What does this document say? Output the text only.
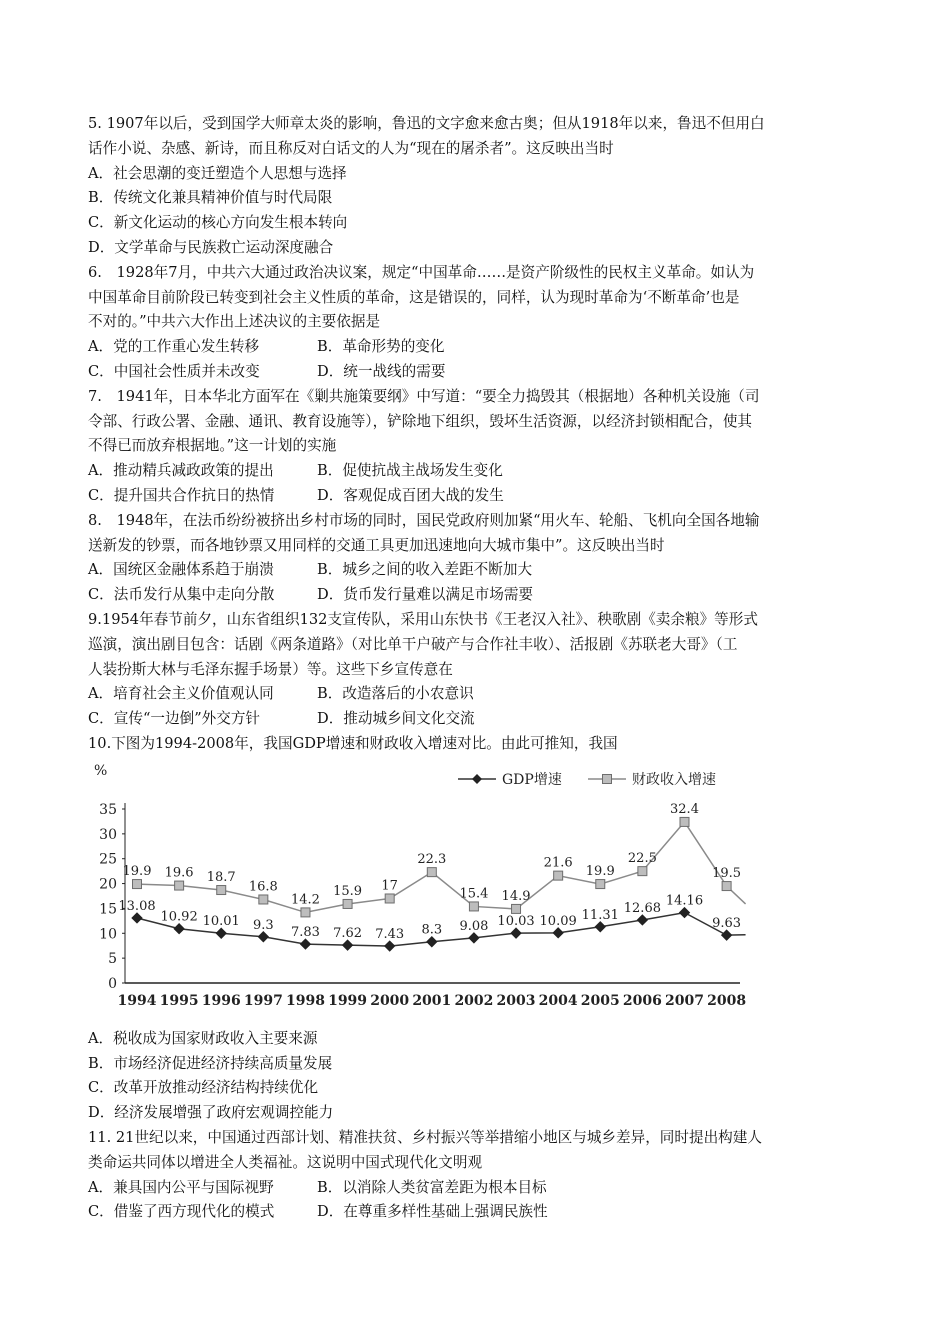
5. 1907年以后，受到国学大师章太炎的影响，鲁迅的文字愈来愈古奥；但从1918年以来，鲁迅不但用白

话作小说、杂感、新诗，而且称反对白话文的人为“现在的屠杀者”。这反映出当时

A．社会思潮的变迁塑造个人思想与选择

B．传统文化兼具精神价值与时代局限

C．新文化运动的核心方向发生根本转向

D．文学革命与民族救亡运动深度融合

6.　1928年7月，中共六大通过政治决议案，规定“中国革命……是资产阶级性的民权主义革命。如认为

中国革命目前阶段已转变到社会主义性质的革命，这是错误的，同样，认为现时革命为‘不断革命’也是

不对的。”中共六大作出上述决议的主要依据是

A．党的工作重心发生转移	B．革命形势的变化
C．中国社会性质并未改变	D．统一战线的需要

7.　1941年，日本华北方面军在《剿共施策要纲》中写道：“要全力捣毁其（根据地）各种机关设施（司

令部、行政公署、金融、通讯、教育设施等），铲除地下组织，毁坏生活资源，以经济封锁相配合，使其

不得已而放弃根据地。”这一计划的实施

A．推动精兵减政政策的提出	B．促使抗战主战场发生变化
C．提升国共合作抗日的热情	D．客观促成百团大战的发生

8.　1948年，在法币纷纷被挤出乡村市场的同时，国民党政府则加紧“用火车、轮船、飞机向全国各地输

送新发的钞票，而各地钞票又用同样的交通工具更加迅速地向大城市集中”。这反映出当时

A．国统区金融体系趋于崩溃	B．城乡之间的收入差距不断加大
C．法币发行从集中走向分散	D．货币发行量难以满足市场需要

9.1954年春节前夕，山东省组织132支宣传队，采用山东快书《王老汉入社》、秧歌剧《卖余粮》等形式

巡演，演出剧目包含：话剧《两条道路》（对比单干户破产与合作社丰收）、活报剧《苏联老大哥》（工

人装扮斯大林与毛泽东握手场景）等。这些下乡宣传意在

A．培育社会主义价值观认同	B．改造落后的小农意识
C．宣传“一边倒”外交方针	D．推动城乡间文化交流

10.下图为1994-2008年，我国GDP增速和财政收入增速对比。由此可推知，我国

%
0
5
10
15
20
25
30
35
1994 1995 1996 1997 1998 1999 2000 2001 2002 2003 2004 2005 2006 2007 2008
19.9 19.6 18.7
16.8
14.2
15.9 17
22.3
15.4 14.9
21.6
19.9
22.5
32.4
19.5
13.08
10.92 10.01 9.3 7.83 7.62 7.43 8.3 9.08 10.03 10.09 11.31 12.68 14.16
9.63
GDP增速	财政收入增速

A．税收成为国家财政收入主要来源

B．市场经济促进经济持续高质量发展

C．改革开放推动经济结构持续优化

D．经济发展增强了政府宏观调控能力

11. 21世纪以来，中国通过西部计划、精准扶贫、乡村振兴等举措缩小地区与城乡差异，同时提出构建人

类命运共同体以增进全人类福祉。这说明中国式现代化文明观

A．兼具国内公平与国际视野	B．以消除人类贫富差距为根本目标
C．借鉴了西方现代化的模式	D．在尊重多样性基础上强调民族性
